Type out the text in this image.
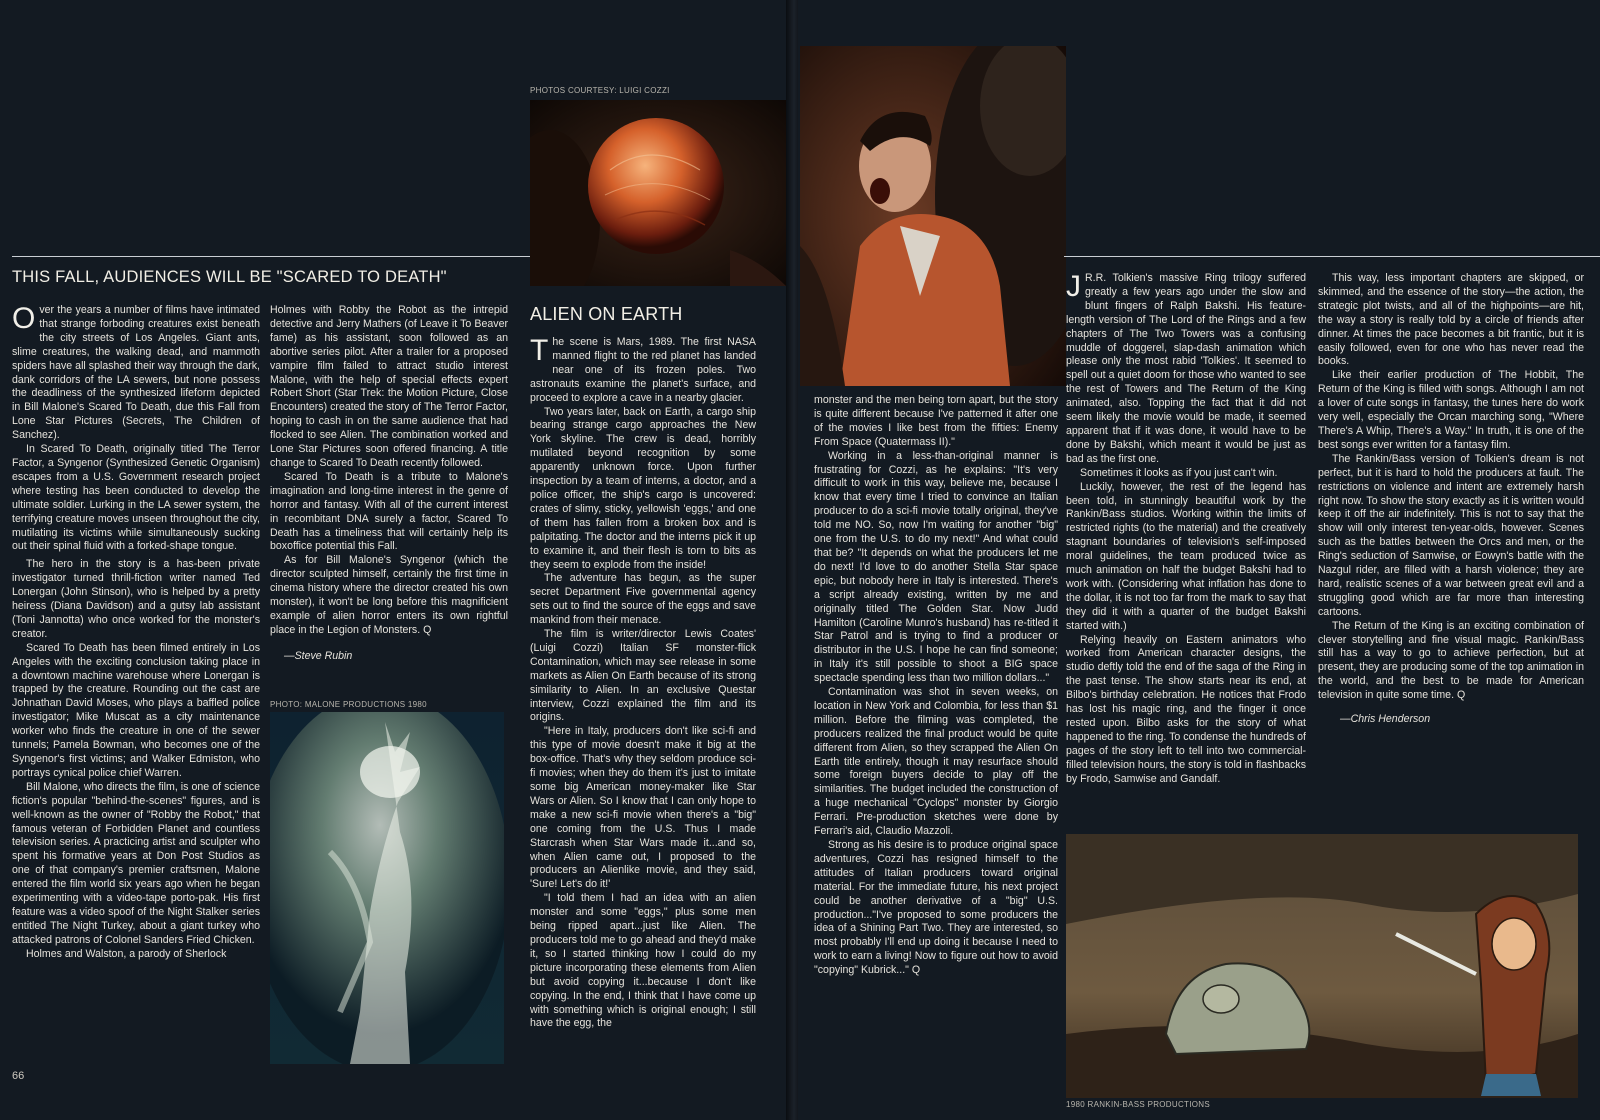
PHOTOS COURTESY: LUIGI COZZI
THIS FALL, AUDIENCES WILL BE "SCARED TO DEATH"

Over the years a number of films have intimated that strange forboding creatures exist beneath the city streets of Los Angeles. Giant ants, slime creatures, the walking dead, and mammoth spiders have all splashed their way through the dark, dank corridors of the LA sewers, but none possess the deadliness of the synthesized lifeform depicted in Bill Malone's Scared To Death, due this Fall from Lone Star Pictures (Secrets, The Children of Sanchez).

In Scared To Death, originally titled The Terror Factor, a Syngenor (Synthesized Genetic Organism) escapes from a U.S. Government research project where testing has been conducted to develop the ultimate soldier. Lurking in the LA sewer system, the terrifying creature moves unseen throughout the city, mutilating its victims while simultaneously sucking out their spinal fluid with a forked-shape tongue.

The hero in the story is a has-been private investigator turned thrill-fiction writer named Ted Lonergan (John Stinson), who is helped by a pretty heiress (Diana Davidson) and a gutsy lab assistant (Toni Jannotta) who once worked for the monster's creator.

Scared To Death has been filmed entirely in Los Angeles with the exciting conclusion taking place in a downtown machine warehouse where Lonergan is trapped by the creature. Rounding out the cast are Johnathan David Moses, who plays a baffled police investigator; Mike Muscat as a city maintenance worker who finds the creature in one of the sewer tunnels; Pamela Bowman, who becomes one of the Syngenor's first victims; and Walker Edmiston, who portrays cynical police chief Warren.

Bill Malone, who directs the film, is one of science fiction's popular "behind-the-scenes" figures, and is well-known as the owner of "Robby the Robot," that famous veteran of Forbidden Planet and countless television series. A practicing artist and sculpter who spent his formative years at Don Post Studios as one of that company's premier craftsmen, Malone entered the film world six years ago when he began experimenting with a video-tape porto-pak. His first feature was a video spoof of the Night Stalker series entitled The Night Turkey, about a giant turkey who attacked patrons of Colonel Sanders Fried Chicken.

Holmes and Walston, a parody of Sherlock

66

Holmes with Robby the Robot as the intrepid detective and Jerry Mathers (of Leave it To Beaver fame) as his assistant, soon followed as an abortive series pilot. After a trailer for a proposed vampire film failed to attract studio interest Malone, with the help of special effects expert Robert Short (Star Trek: the Motion Picture, Close Encounters) created the story of The Terror Factor, hoping to cash in on the same audience that had flocked to see Alien. The combination worked and Lone Star Pictures soon offered financing. A title change to Scared To Death recently followed.

Scared To Death is a tribute to Malone's imagination and long-time interest in the genre of horror and fantasy. With all of the current interest in recombitant DNA surely a factor, Scared To Death has a timeliness that will certainly help its boxoffice potential this Fall.

As for Bill Malone's Syngenor (which the director sculpted himself, certainly the first time in cinema history where the director created his own monster), it won't be long before this magnificient example of alien horror enters its own rightful place in the Legion of Monsters. Q

—Steve Rubin

PHOTO: MALONE PRODUCTIONS 1980
ALIEN ON EARTH

The scene is Mars, 1989. The first NASA manned flight to the red planet has landed near one of its frozen poles. Two astronauts examine the planet's surface, and proceed to explore a cave in a nearby glacier.

Two years later, back on Earth, a cargo ship bearing strange cargo approaches the New York skyline. The crew is dead, horribly mutilated beyond recognition by some apparently unknown force. Upon further inspection by a team of interns, a doctor, and a police officer, the ship's cargo is uncovered: crates of slimy, sticky, yellowish 'eggs,' and one of them has fallen from a broken box and is palpitating. The doctor and the interns pick it up to examine it, and their flesh is torn to bits as they seem to explode from the inside!

The adventure has begun, as the super secret Department Five governmental agency sets out to find the source of the eggs and save mankind from their menace.

The film is writer/director Lewis Coates' (Luigi Cozzi) Italian SF monster-flick Contamination, which may see release in some markets as Alien On Earth because of its strong similarity to Alien. In an exclusive Questar interview, Cozzi explained the film and its origins.

"Here in Italy, producers don't like sci-fi and this type of movie doesn't make it big at the box-office. That's why they seldom produce sci-fi movies; when they do them it's just to imitate some big American money-maker like Star Wars or Alien. So I know that I can only hope to make a new sci-fi movie when there's a "big" one coming from the U.S. Thus I made Starcrash when Star Wars made it...and so, when Alien came out, I proposed to the producers an Alienlike movie, and they said, 'Sure! Let's do it!'

"I told them I had an idea with an alien monster and some "eggs," plus some men being ripped apart...just like Alien. The producers told me to go ahead and they'd make it, so I started thinking how I could do my picture incorporating these elements from Alien but avoid copying it...because I don't like copying. In the end, I think that I have come up with something which is original enough; I still have the egg, the

monster and the men being torn apart, but the story is quite different because I've patterned it after one of the movies I like best from the fifties: Enemy From Space (Quatermass II)."

Working in a less-than-original manner is frustrating for Cozzi, as he explains: "It's very difficult to work in this way, believe me, because I know that every time I tried to convince an Italian producer to do a sci-fi movie totally original, they've told me NO. So, now I'm waiting for another "big" one from the U.S. to do my next!" And what could that be? "It depends on what the producers let me do next! I'd love to do another Stella Star space epic, but nobody here in Italy is interested. There's a script already existing, written by me and originally titled The Golden Star. Now Judd Hamilton (Caroline Munro's husband) has re-titled it Star Patrol and is trying to find a producer or distributor in the U.S. I hope he can find someone; in Italy it's still possible to shoot a BIG space spectacle spending less than two million dollars..."

Contamination was shot in seven weeks, on location in New York and Colombia, for less than $1 million. Before the filming was completed, the producers realized the final product would be quite different from Alien, so they scrapped the Alien On Earth title entirely, though it may resurface should some foreign buyers decide to play off the similarities. The budget included the construction of a huge mechanical "Cyclops" monster by Giorgio Ferrari. Pre-production sketches were done by Ferrari's aid, Claudio Mazzoli.

Strong as his desire is to produce original space adventures, Cozzi has resigned himself to the attitudes of Italian producers toward original material. For the immediate future, his next project could be another derivative of a "big" U.S. production..."I've proposed to some producers the idea of a Shining Part Two. They are interested, so most probably I'll end up doing it because I need to work to earn a living! Now to figure out how to avoid "copying" Kubrick..." Q

J R.R. Tolkien's massive Ring trilogy suffered greatly a few years ago under the slow and blunt fingers of Ralph Bakshi. His feature-length version of The Lord of the Rings and a few chapters of The Two Towers was a confusing muddle of doggerel, slap-dash animation which please only the most rabid 'Tolkies'. It seemed to spell out a quiet doom for those who wanted to see the rest of Towers and The Return of the King animated, also. Topping the fact that it did not seem likely the movie would be made, it seemed apparent that if it was done, it would have to be done by Bakshi, which meant it would be just as bad as the first one.

Sometimes it looks as if you just can't win.

Luckily, however, the rest of the legend has been told, in stunningly beautiful work by the Rankin/Bass studios. Working within the limits of restricted rights (to the material) and the creatively stagnant boundaries of television's self-imposed moral guidelines, the team produced twice as much animation on half the budget Bakshi had to work with. (Considering what inflation has done to the dollar, it is not too far from the mark to say that they did it with a quarter of the budget Bakshi started with.)

Relying heavily on Eastern animators who worked from American character designs, the studio deftly told the end of the saga of the Ring in the past tense. The show starts near its end, at Bilbo's birthday celebration. He notices that Frodo has lost his magic ring, and the finger it once rested upon. Bilbo asks for the story of what happened to the ring. To condense the hundreds of pages of the story left to tell into two commercial-filled television hours, the story is told in flashbacks by Frodo, Samwise and Gandalf.

This way, less important chapters are skipped, or skimmed, and the essence of the story—the action, the strategic plot twists, and all of the highpoints—are hit, the way a story is really told by a circle of friends after dinner. At times the pace becomes a bit frantic, but it is easily followed, even for one who has never read the books.

Like their earlier production of The Hobbit, The Return of the King is filled with songs. Although I am not a lover of cute songs in fantasy, the tunes here do work very well, especially the Orcan marching song, "Where There's A Whip, There's a Way." In truth, it is one of the best songs ever written for a fantasy film.

The Rankin/Bass version of Tolkien's dream is not perfect, but it is hard to hold the producers at fault. The restrictions on violence and intent are extremely harsh right now. To show the story exactly as it is written would keep it off the air indefinitely. This is not to say that the show will only interest ten-year-olds, however. Scenes such as the battles between the Orcs and men, or the Ring's seduction of Samwise, or Eowyn's battle with the Nazgul rider, are filled with a harsh violence; they are hard, realistic scenes of a war between great evil and a struggling good which are far more than interesting cartoons.

The Return of the King is an exciting combination of clever storytelling and fine visual magic. Rankin/Bass still has a way to go to achieve perfection, but at present, they are producing some of the top animation in the world, and the best to be made for American television in quite some time. Q

—Chris Henderson

1980 RANKIN-BASS PRODUCTIONS
